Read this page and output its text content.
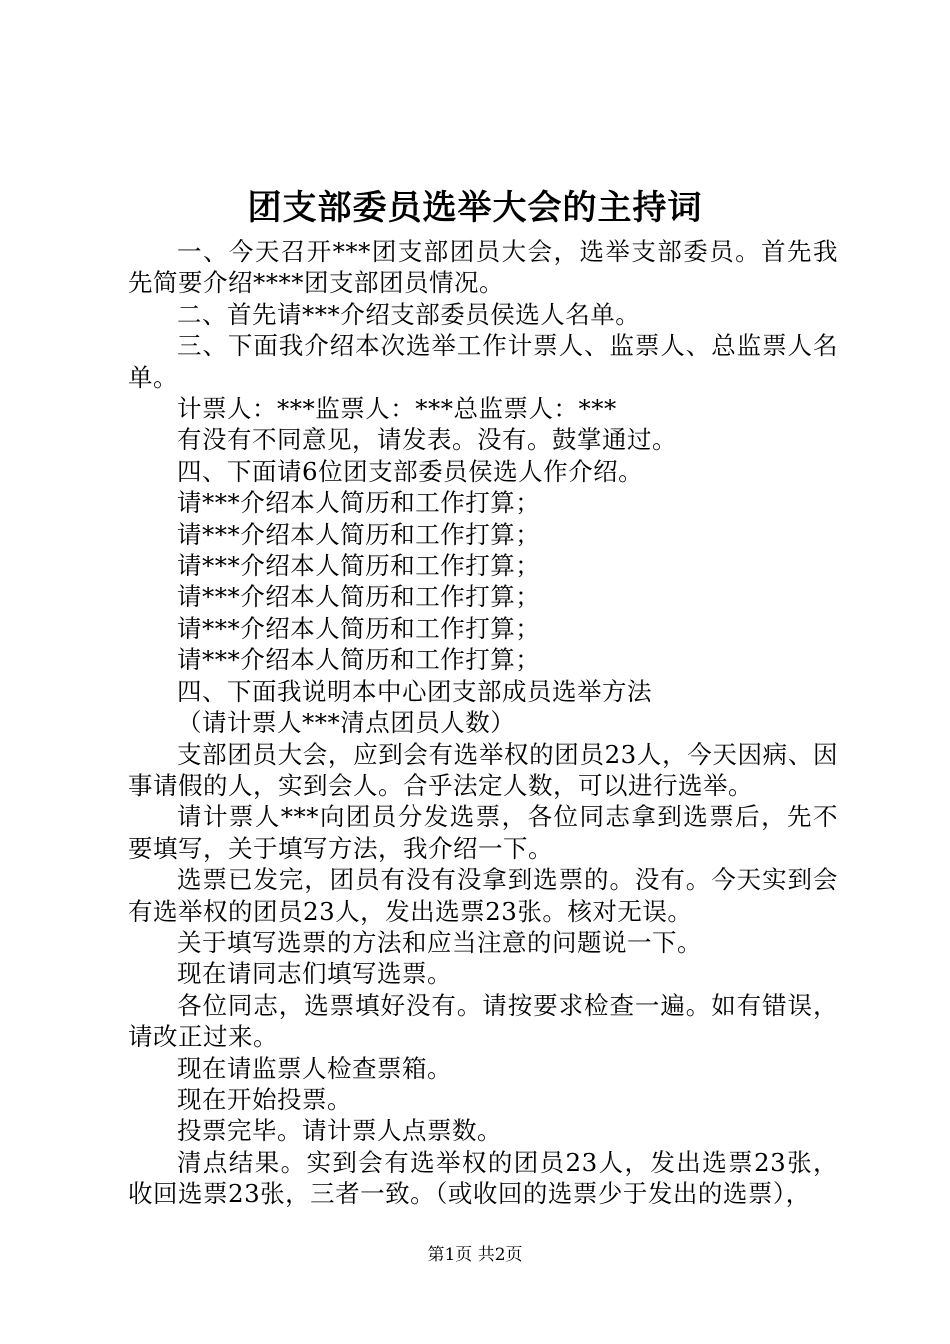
团支部委员选举大会的主持词

一、今天召开***团支部团员大会，选举支部委员。首先我先简要介绍****团支部团员情况。

二、首先请***介绍支部委员侯选人名单。

三、下面我介绍本次选举工作计票人、监票人、总监票人名单。

计票人：***监票人：***总监票人：***

有没有不同意见，请发表。没有。鼓掌通过。

四、下面请6位团支部委员侯选人作介绍。

请***介绍本人简历和工作打算；

请***介绍本人简历和工作打算；

请***介绍本人简历和工作打算；

请***介绍本人简历和工作打算；

请***介绍本人简历和工作打算；

请***介绍本人简历和工作打算；

四、下面我说明本中心团支部成员选举方法

（请计票人***清点团员人数）

支部团员大会，应到会有选举权的团员23人，今天因病、因事请假的人，实到会人。合乎法定人数，可以进行选举。

请计票人***向团员分发选票，各位同志拿到选票后，先不要填写，关于填写方法，我介绍一下。

选票已发完，团员有没有没拿到选票的。没有。今天实到会有选举权的团员23人，发出选票23张。核对无误。

关于填写选票的方法和应当注意的问题说一下。

现在请同志们填写选票。

各位同志，选票填好没有。请按要求检查一遍。如有错误，请改正过来。

现在请监票人检查票箱。

现在开始投票。

投票完毕。请计票人点票数。

清点结果。实到会有选举权的团员23人，发出选票23张，收回选票23张，三者一致。（或收回的选票少于发出的选票），

第1页 共2页
